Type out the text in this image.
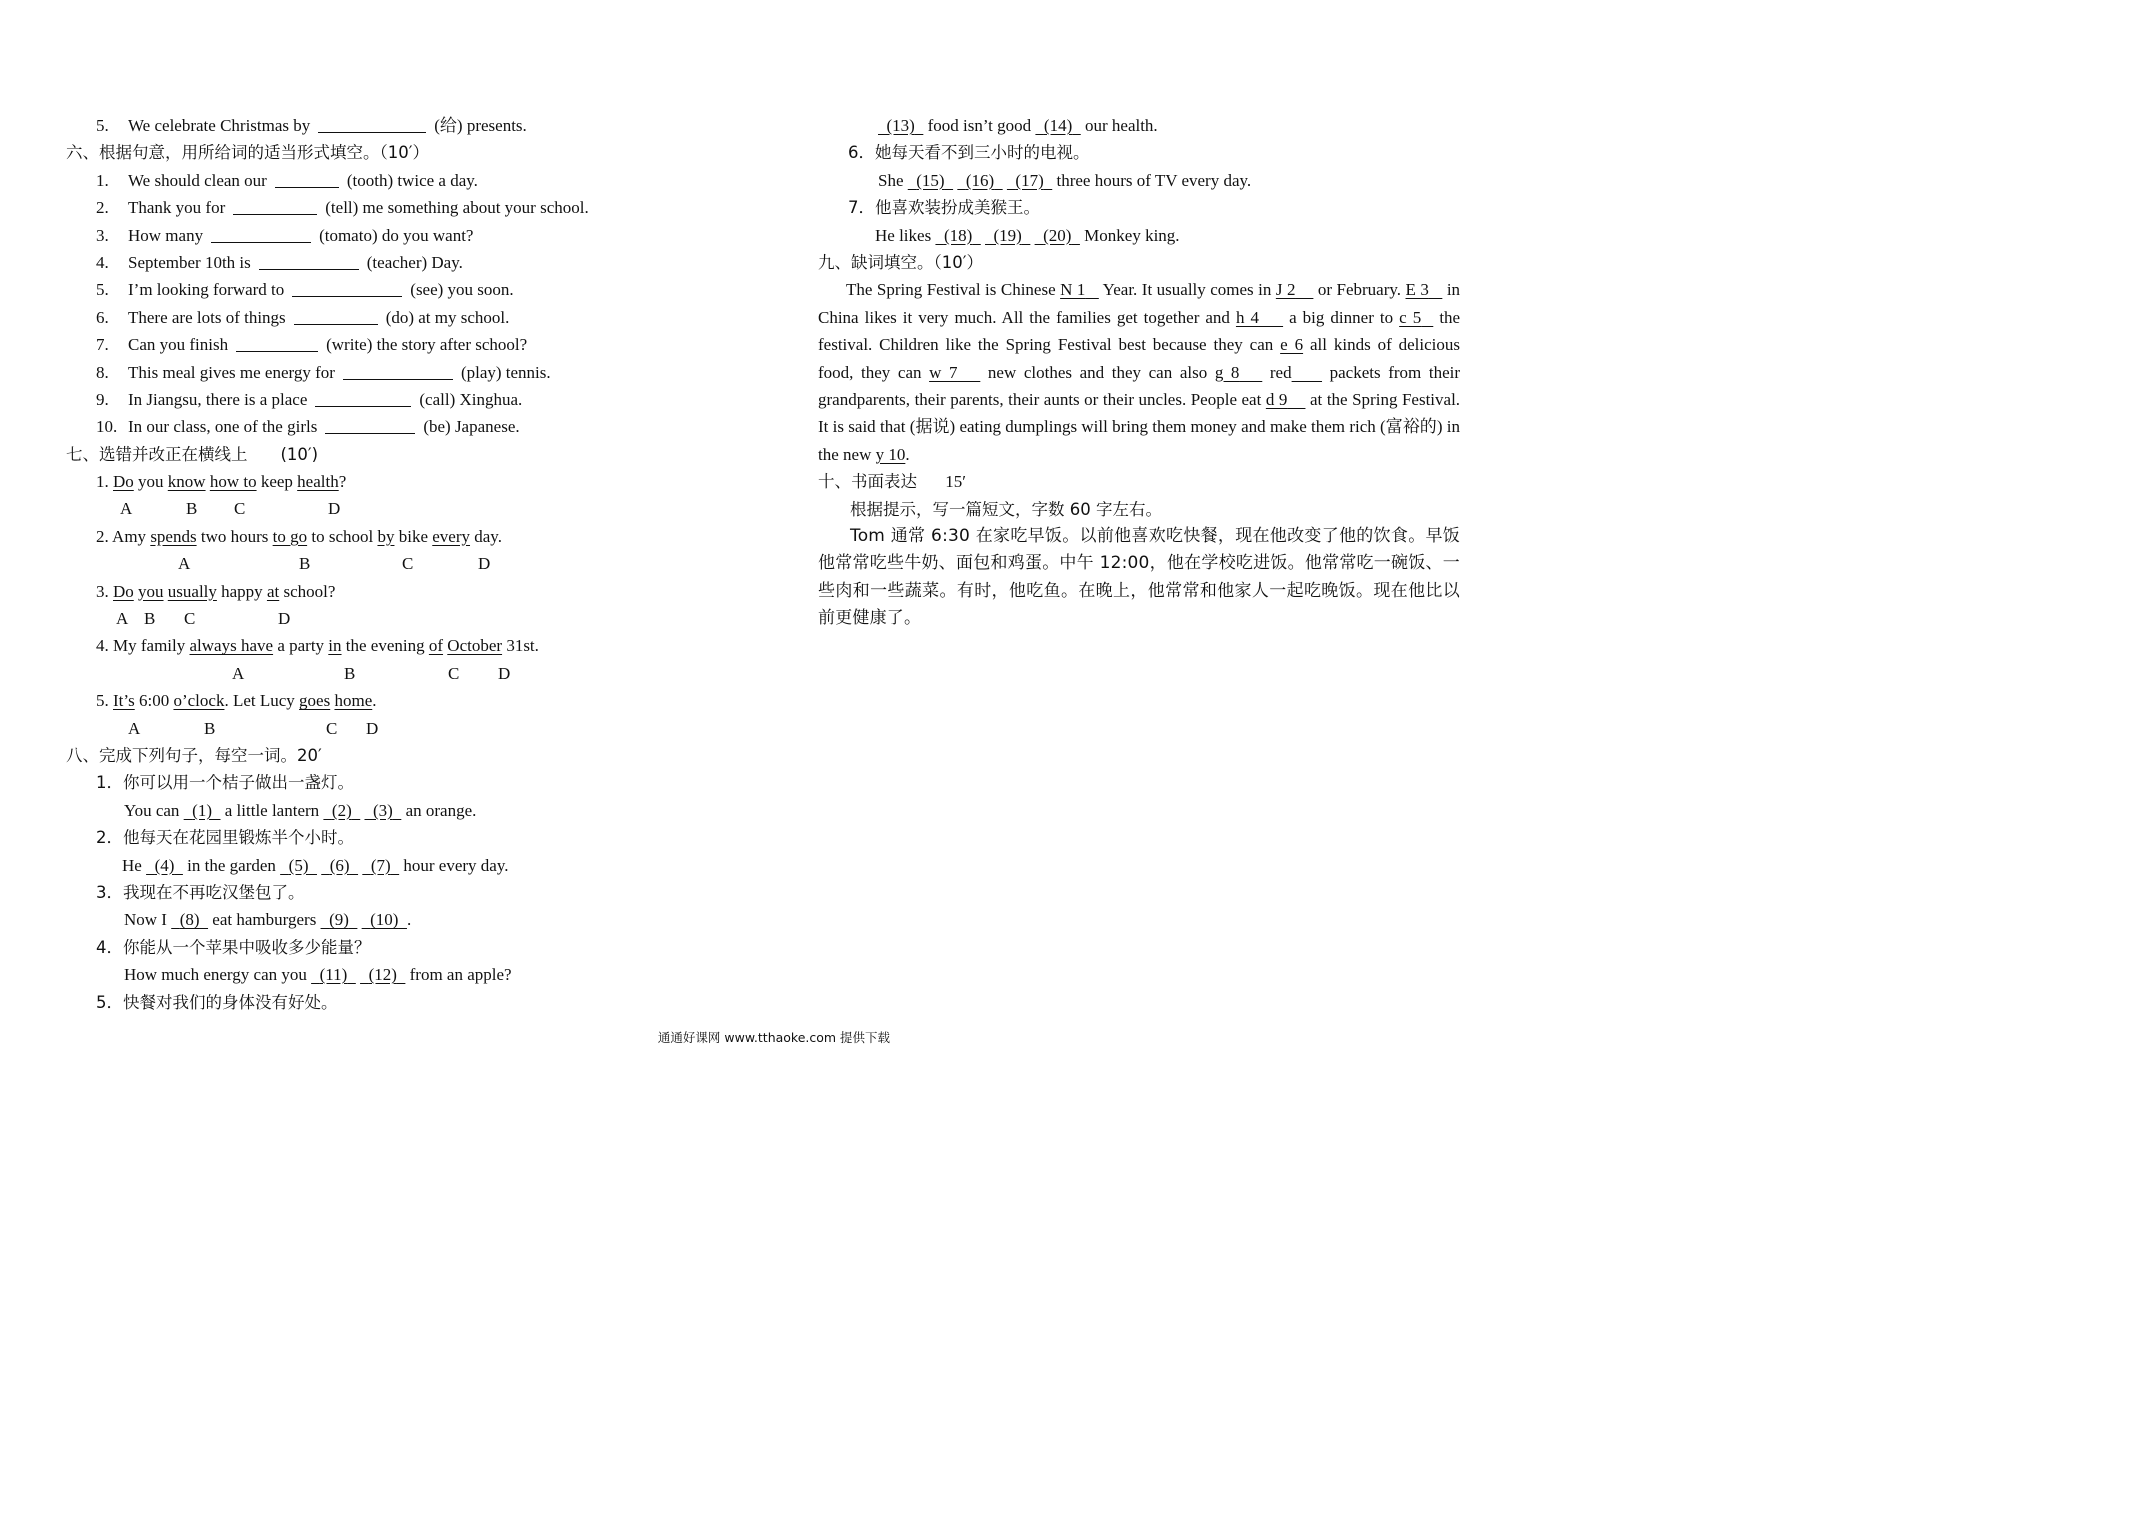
5. We celebrate Christmas by	(给) presents.
六、根据句意，用所给词的适当形式填空。（10′）
1. We should clean our	(tooth) twice a day.
2. Thank you for	(tell) me something about your school.
3. How many	(tomato) do you want?
4. September 10th is	(teacher) Day.
5. I’m looking forward to	(see) you soon.
6. There are lots of things	(do) at my school.
7. Can you finish	(write) the story after school?
8. This meal gives me energy for	(play) tennis.
9. In Jiangsu, there is a place	(call) Xinghua.
10. In our class, one of the girls	(be) Japanese.
七、选错并改正在横线上　　(10′)
1. Do you know how to keep health?
A	B C	D
2. Amy spends two hours to go to school by bike every day.
A	B	C	D
3. Do you usually happy at school?
A B C	D
4. My family always have a party in the evening of October 31st.
A	B	C D
5. It’s 6:00 o’clock. Let Lucy goes home.
A	B	C D
八、完成下列句子，每空一词。20′
1．你可以用一个桔子做出一盏灯。
You can (1) a little lantern (2) (3) an orange.
2．他每天在花园里锻炼半个小时。
He (4) in the garden (5) (6) (7) hour every day.
3．我现在不再吃汉堡包了。
Now I (8) eat hamburgers (9) (10) .
4．你能从一个苹果中吸收多少能量？
How much energy can you (11) (12) from an apple?
5．快餐对我们的身体没有好处。
(13) food isn’t good (14) our health.
6．她每天看不到三小时的电视。
She (15) (16) (17) three hours of TV every day.
7．他喜欢装扮成美猴王。
He likes (18) (19) (20) Monkey king.
九、缺词填空。（10′）
The Spring Festival is Chinese N 1 Year. It usually comes in J 2 or February. E 3 in China likes it very much. All the families get together and h 4 a big dinner to c 5 the festival. Children like the Spring Festival best because they can e 6 all kinds of delicious food, they can w 7 new clothes and they can also g 8 red packets from their grandparents, their parents, their aunts or their uncles. People eat d 9 at the Spring Festival. It is said that (据说) eating dumplings will bring them money and make them rich (富裕的) in the new y 10.
十、书面表达 15′
根据提示，写一篇短文，字数 60 字左右。
Tom 通常 6:30 在家吃早饭。以前他喜欢吃快餐，现在他改变了他的饮食。早饭他常常吃些牛奶、面包和鸡蛋。中午 12:00，他在学校吃进饭。他常常吃一碗饭、一些肉和一些蔬菜。有时，他吃鱼。在晚上，他常常和他家人一起吃晚饭。现在他比以前更健康了。
通通好课网 www.tthaoke.com 提供下载
